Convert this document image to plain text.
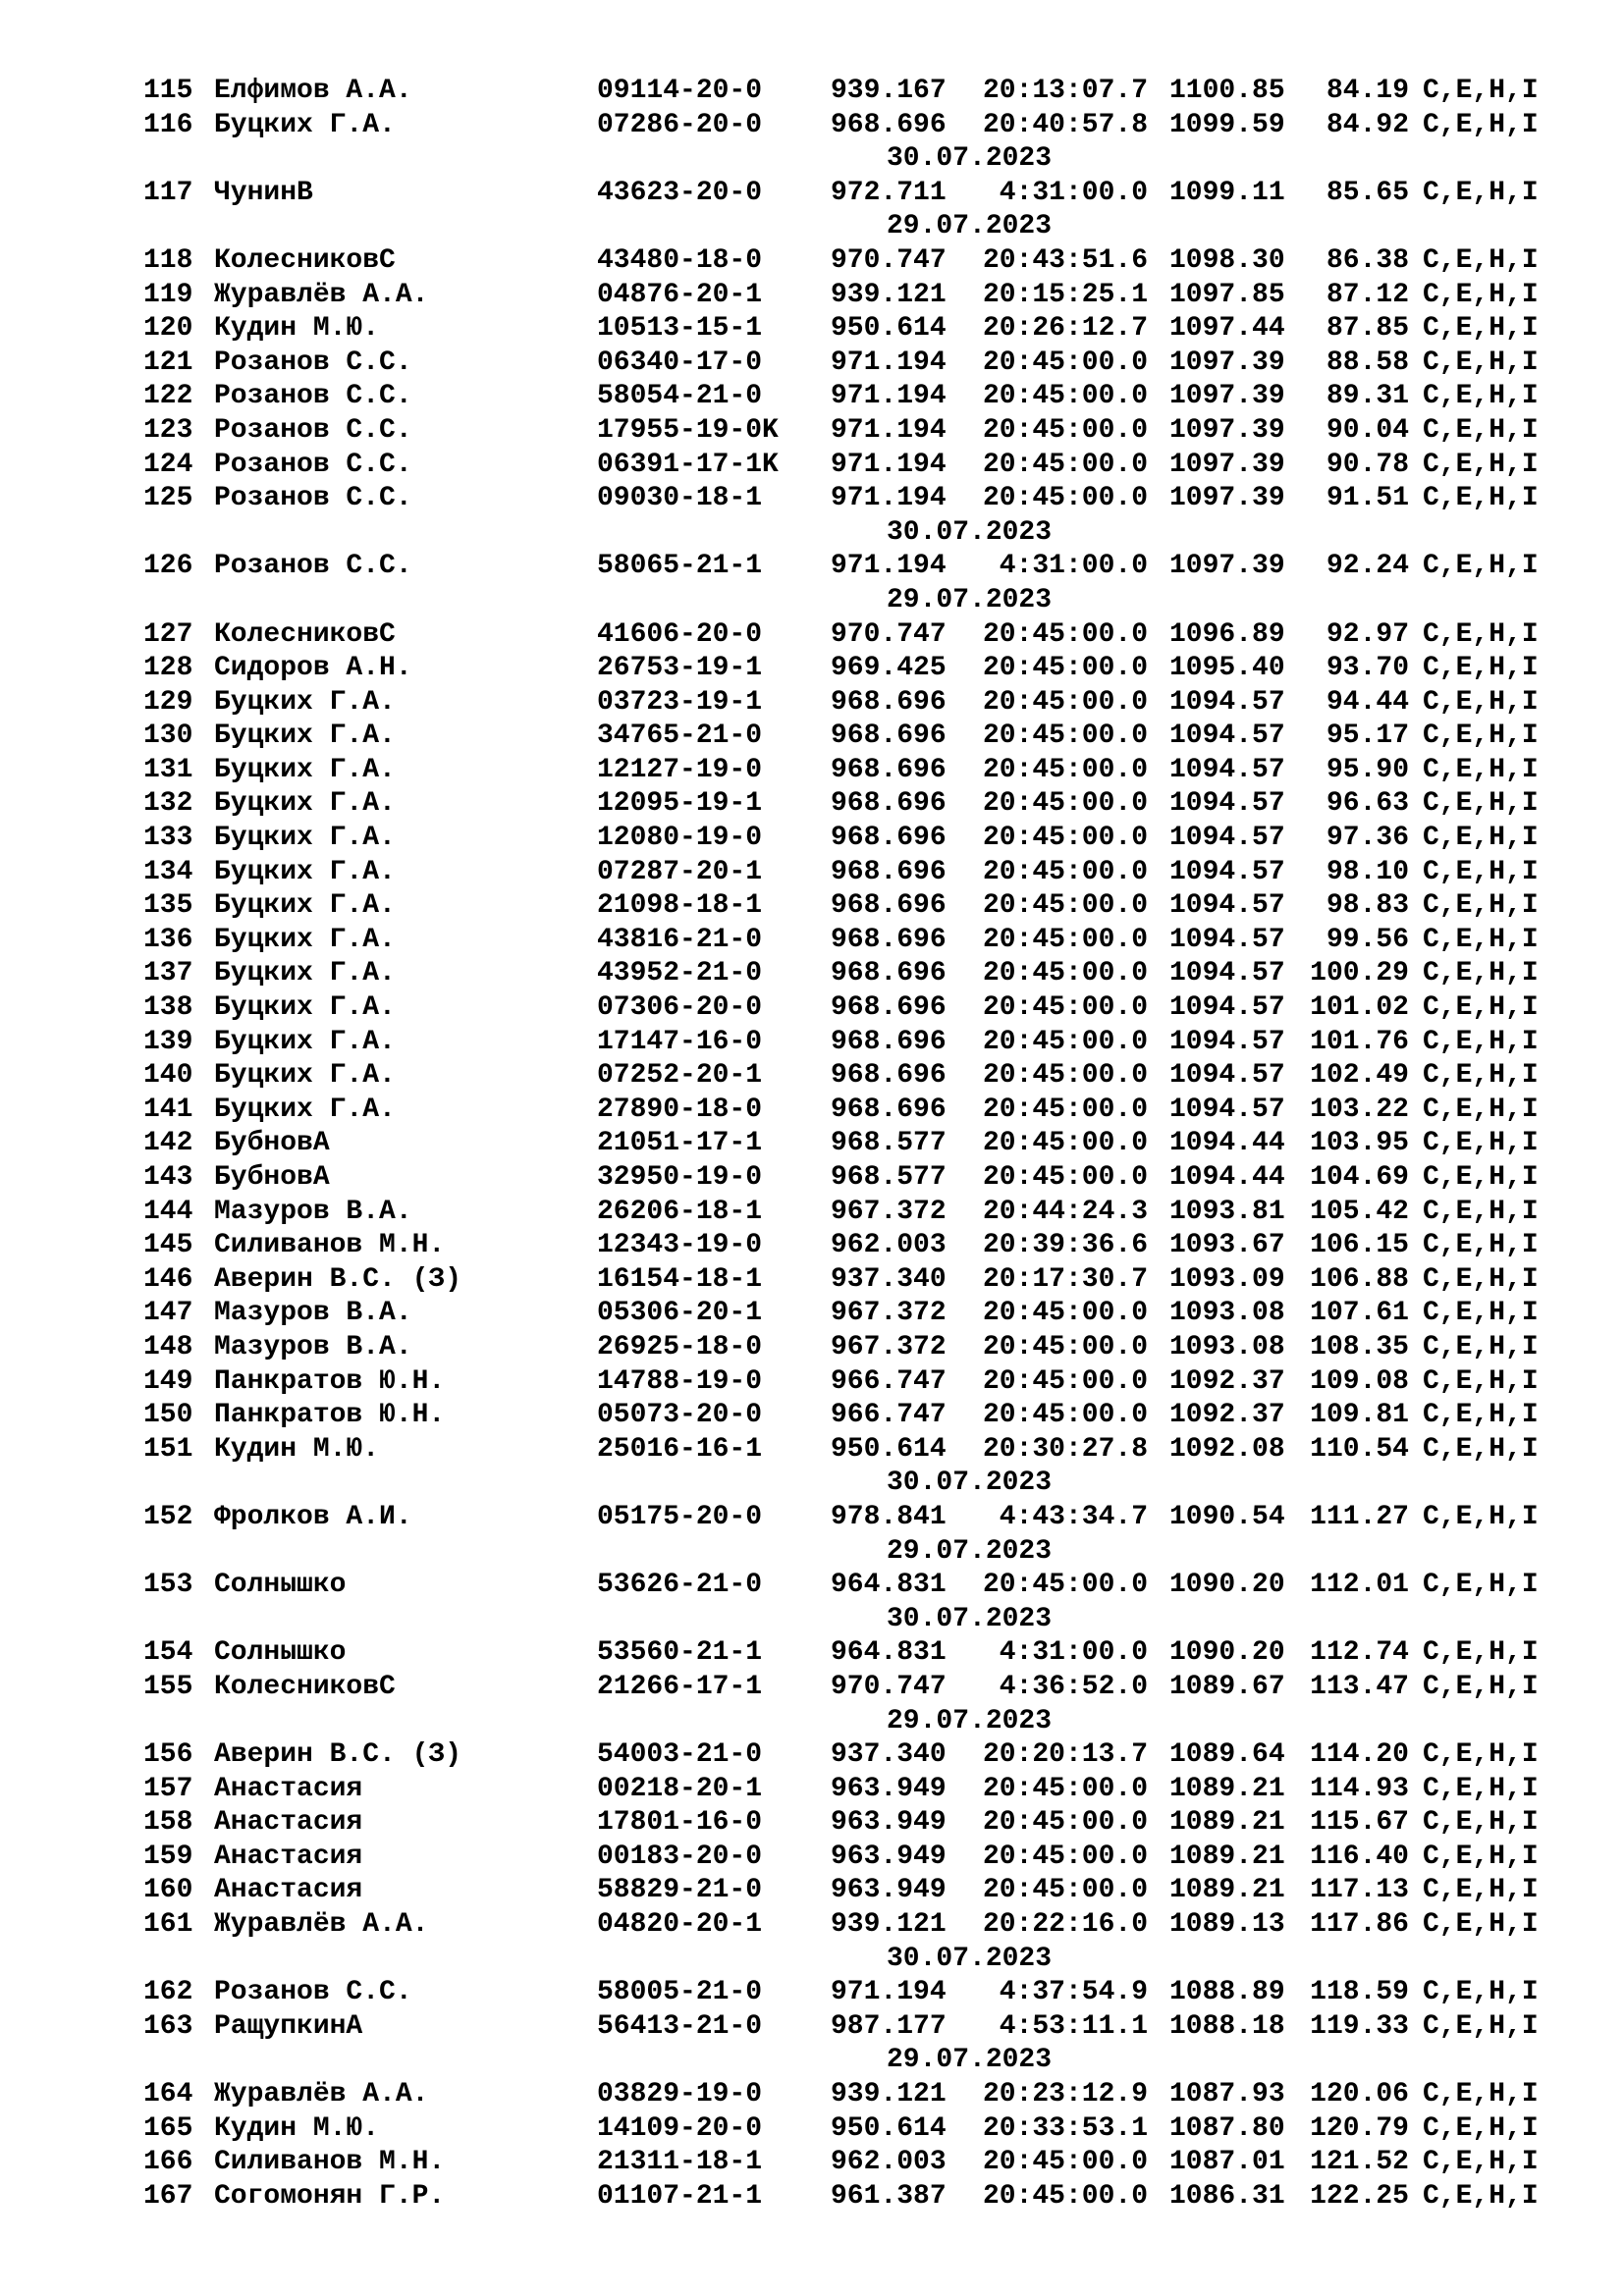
115 Елфимов А.А.	09114-20-0 939.167	20:13:07.7 1100.85	84.19 C,E,H,I
116 Буцких Г.А.	07286-20-0 968.696	20:40:57.8 1099.59	84.92 C,E,H,I
30.07.2023
117 ЧунинВ	43623-20-0 972.711	4:31:00.0 1099.11	85.65 C,E,H,I
29.07.2023
118 КолесниковС	43480-18-0 970.747	20:43:51.6 1098.30	86.38 C,E,H,I
119 Журавлёв А.А.	04876-20-1 939.121	20:15:25.1 1097.85	87.12 C,E,H,I
120 Кудин М.Ю.	10513-15-1 950.614	20:26:12.7 1097.44	87.85 C,E,H,I
121 Розанов С.С.	06340-17-0 971.194	20:45:00.0 1097.39	88.58 C,E,H,I
122 Розанов С.С.	58054-21-0 971.194	20:45:00.0 1097.39	89.31 C,E,H,I
123 Розанов С.С.	17955-19-0K 971.194	20:45:00.0 1097.39	90.04 C,E,H,I
124 Розанов С.С.	06391-17-1K 971.194	20:45:00.0 1097.39	90.78 C,E,H,I
125 Розанов С.С.	09030-18-1 971.194	20:45:00.0 1097.39	91.51 C,E,H,I
30.07.2023
126 Розанов С.С.	58065-21-1 971.194	4:31:00.0 1097.39	92.24 C,E,H,I
29.07.2023
127 КолесниковС	41606-20-0 970.747	20:45:00.0 1096.89	92.97 C,E,H,I
128 Сидоров А.Н.	26753-19-1 969.425	20:45:00.0 1095.40	93.70 C,E,H,I
129 Буцких Г.А.	03723-19-1 968.696	20:45:00.0 1094.57	94.44 C,E,H,I
130 Буцких Г.А.	34765-21-0 968.696	20:45:00.0 1094.57	95.17 C,E,H,I
131 Буцких Г.А.	12127-19-0 968.696	20:45:00.0 1094.57	95.90 C,E,H,I
132 Буцких Г.А.	12095-19-1 968.696	20:45:00.0 1094.57	96.63 C,E,H,I
133 Буцких Г.А.	12080-19-0 968.696	20:45:00.0 1094.57	97.36 C,E,H,I
134 Буцких Г.А.	07287-20-1 968.696	20:45:00.0 1094.57	98.10 C,E,H,I
135 Буцких Г.А.	21098-18-1 968.696	20:45:00.0 1094.57	98.83 C,E,H,I
136 Буцких Г.А.	43816-21-0 968.696	20:45:00.0 1094.57	99.56 C,E,H,I
137 Буцких Г.А.	43952-21-0 968.696	20:45:00.0 1094.57 100.29 C,E,H,I
138 Буцких Г.А.	07306-20-0 968.696	20:45:00.0 1094.57 101.02 C,E,H,I
139 Буцких Г.А.	17147-16-0 968.696	20:45:00.0 1094.57 101.76 C,E,H,I
140 Буцких Г.А.	07252-20-1 968.696	20:45:00.0 1094.57 102.49 C,E,H,I
141 Буцких Г.А.	27890-18-0 968.696	20:45:00.0 1094.57 103.22 C,E,H,I
142 БубновА	21051-17-1 968.577	20:45:00.0 1094.44 103.95 C,E,H,I
143 БубновА	32950-19-0 968.577	20:45:00.0 1094.44 104.69 C,E,H,I
144 Мазуров В.А.	26206-18-1 967.372	20:44:24.3 1093.81 105.42 C,E,H,I
145 Силиванов М.Н.	12343-19-0 962.003	20:39:36.6 1093.67 106.15 C,E,H,I
146 Аверин В.С. (З)	16154-18-1 937.340	20:17:30.7 1093.09 106.88 C,E,H,I
147 Мазуров В.А.	05306-20-1 967.372	20:45:00.0 1093.08 107.61 C,E,H,I
148 Мазуров В.А.	26925-18-0 967.372	20:45:00.0 1093.08 108.35 C,E,H,I
149 Панкратов Ю.Н.	14788-19-0 966.747	20:45:00.0 1092.37 109.08 C,E,H,I
150 Панкратов Ю.Н.	05073-20-0 966.747	20:45:00.0 1092.37 109.81 C,E,H,I
151 Кудин М.Ю.	25016-16-1 950.614	20:30:27.8 1092.08 110.54 C,E,H,I
30.07.2023
152 Фролков А.И.	05175-20-0 978.841	4:43:34.7 1090.54 111.27 C,E,H,I
29.07.2023
153 Солнышко	53626-21-0 964.831	20:45:00.0 1090.20 112.01 C,E,H,I
30.07.2023
154 Солнышко	53560-21-1 964.831	4:31:00.0 1090.20 112.74 C,E,H,I
155 КолесниковС	21266-17-1 970.747	4:36:52.0 1089.67 113.47 C,E,H,I
29.07.2023
156 Аверин В.С. (З)	54003-21-0 937.340	20:20:13.7 1089.64 114.20 C,E,H,I
157 Анастасия	00218-20-1 963.949	20:45:00.0 1089.21 114.93 C,E,H,I
158 Анастасия	17801-16-0 963.949	20:45:00.0 1089.21 115.67 C,E,H,I
159 Анастасия	00183-20-0 963.949	20:45:00.0 1089.21 116.40 C,E,H,I
160 Анастасия	58829-21-0 963.949	20:45:00.0 1089.21 117.13 C,E,H,I
161 Журавлёв А.А.	04820-20-1 939.121	20:22:16.0 1089.13 117.86 C,E,H,I
30.07.2023
162 Розанов С.С.	58005-21-0 971.194	4:37:54.9 1088.89 118.59 C,E,H,I
163 РащупкинА	56413-21-0 987.177	4:53:11.1 1088.18 119.33 C,E,H,I
29.07.2023
164 Журавлёв А.А.	03829-19-0 939.121	20:23:12.9 1087.93 120.06 C,E,H,I
165 Кудин М.Ю.	14109-20-0 950.614	20:33:53.1 1087.80 120.79 C,E,H,I
166 Силиванов М.Н.	21311-18-1 962.003	20:45:00.0 1087.01 121.52 C,E,H,I
167 Согомонян Г.Р.	01107-21-1 961.387	20:45:00.0 1086.31 122.25 C,E,H,I
